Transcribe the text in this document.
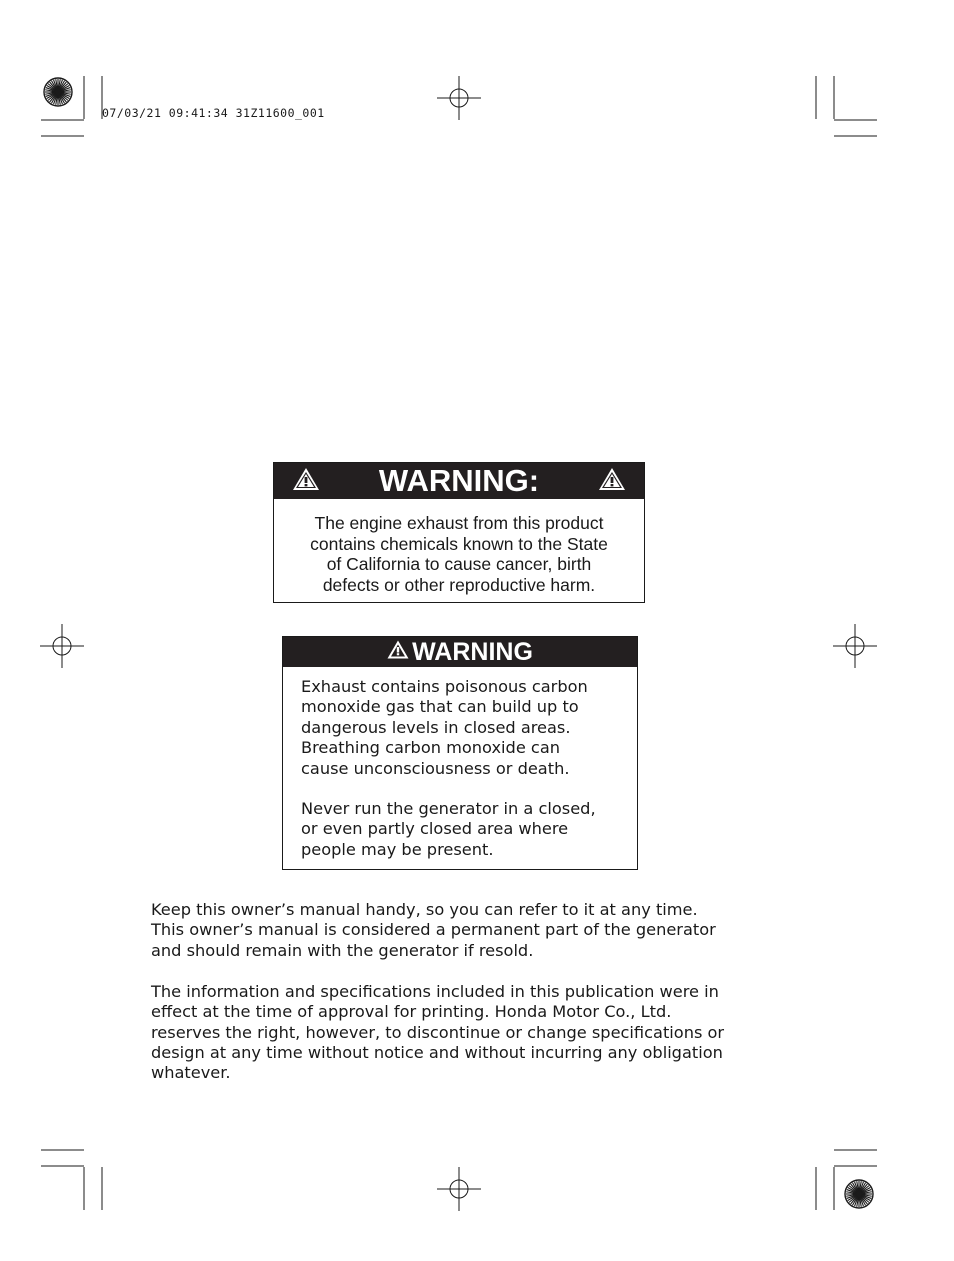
07/03/21 09:41:34 31Z11600_001
WARNING:
The engine exhaust from this product
contains chemicals known to the State
of California to cause cancer, birth
defects or other reproductive harm.
WARNING

Exhaust contains poisonous carbon
monoxide gas that can build up to
dangerous levels in closed areas.
Breathing carbon monoxide can
cause unconsciousness or death.

Never run the generator in a closed,
or even partly closed area where
people may be present.

Keep this owner’s manual handy, so you can refer to it at any time.
This owner’s manual is considered a permanent part of the generator
and should remain with the generator if resold.

The information and specifications included in this publication were in
effect at the time of approval for printing. Honda Motor Co., Ltd.
reserves the right, however, to discontinue or change specifications or
design at any time without notice and without incurring any obligation
whatever.
